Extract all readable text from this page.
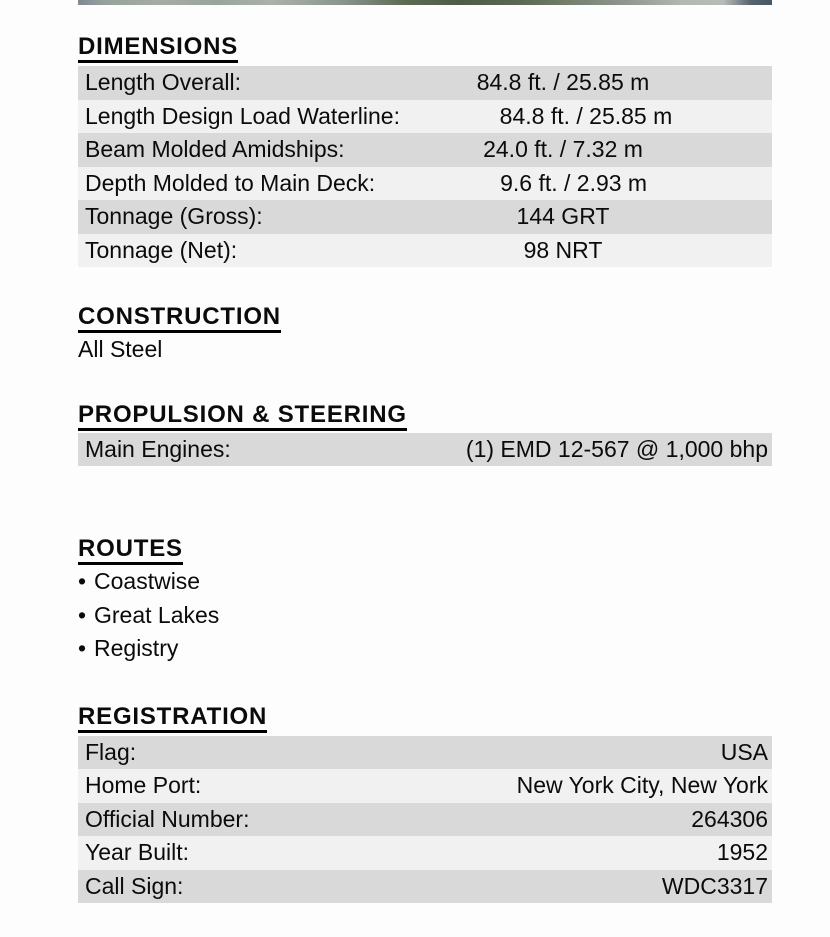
DIMENSIONS
Length Overall:	84.8 ft. / 25.85 m
Length Design Load Waterline:	84.8 ft. / 25.85 m
Beam Molded Amidships:	24.0 ft. / 7.32 m
Depth Molded to Main Deck:	9.6 ft. / 2.93 m
Tonnage (Gross):	144 GRT
Tonnage (Net):	98 NRT
CONSTRUCTION
All Steel
PROPULSION & STEERING
Main Engines:	(1) EMD 12-567 @ 1,000 bhp
ROUTES
• Coastwise
• Great Lakes
• Registry
REGISTRATION
Flag:	USA
Home Port:	New York City, New York
Official Number:	264306
Year Built:	1952
Call Sign:	WDC3317
